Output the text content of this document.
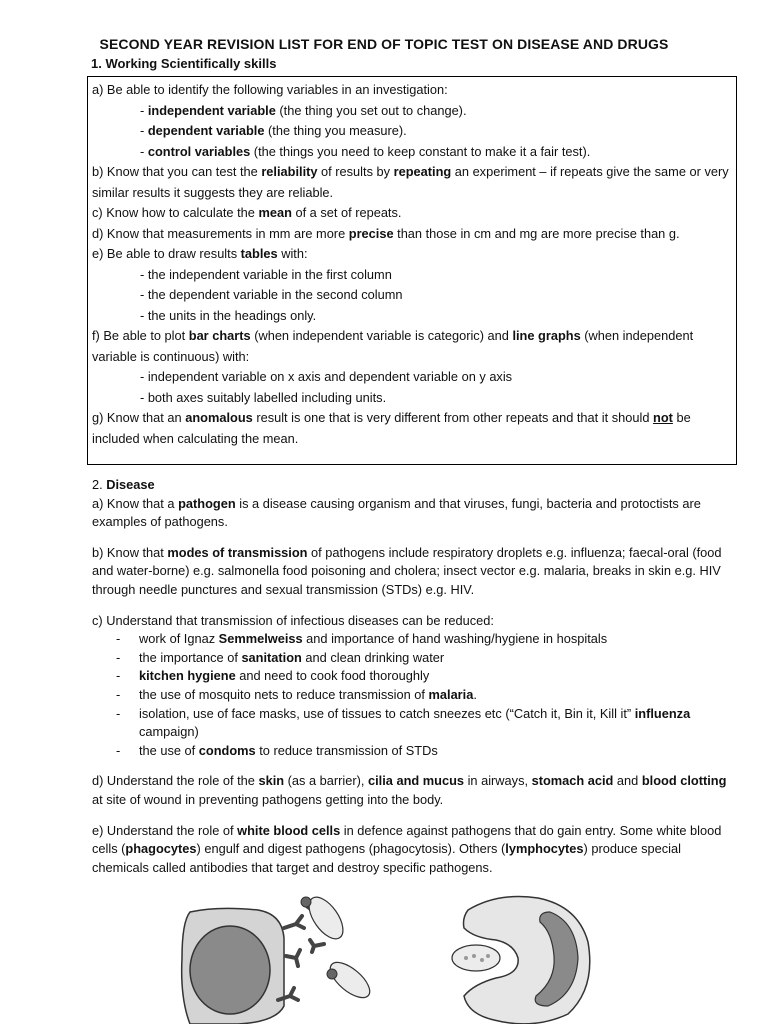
SECOND YEAR REVISION LIST FOR END OF TOPIC TEST ON DISEASE AND DRUGS
1. Working Scientifically skills

a) Be able to identify the following variables in an investigation:

- independent variable (the thing you set out to change).

- dependent variable (the thing you measure).

- control variables (the things you need to keep constant to make it a fair test).

b) Know that you can test the reliability of results by repeating an experiment – if repeats give the same or very similar results it suggests they are reliable.

c) Know how to calculate the mean of a set of repeats.

d) Know that measurements in mm are more precise than those in cm and mg are more precise than g.

e) Be able to draw results tables with:

- the independent variable in the first column

- the dependent variable in the second column

- the units in the headings only.

f) Be able to plot bar charts (when independent variable is categoric) and line graphs (when independent variable is continuous) with:

- independent variable on x axis and dependent variable on y axis

- both axes suitably labelled including units.

g) Know that an anomalous result is one that is very different from other repeats and that it should not be included when calculating the mean.

2. Disease

a) Know that a pathogen is a disease causing organism and that viruses, fungi, bacteria and protoctists are examples of pathogens.

b) Know that modes of transmission of pathogens include respiratory droplets e.g. influenza; faecal-oral (food and water-borne) e.g. salmonella food poisoning and cholera; insect vector e.g. malaria, breaks in skin e.g. HIV through needle punctures and sexual transmission (STDs) e.g. HIV.

c) Understand that transmission of infectious diseases can be reduced:

- work of Ignaz Semmelweiss and importance of hand washing/hygiene in hospitals
- the importance of sanitation and clean drinking water
- kitchen hygiene and need to cook food thoroughly
- the use of mosquito nets to reduce transmission of malaria.
- isolation, use of face masks, use of tissues to catch sneezes etc (“Catch it, Bin it, Kill it” influenza campaign)
- the use of condoms to reduce transmission of STDs

d) Understand the role of the skin (as a barrier), cilia and mucus in airways, stomach acid and blood clotting at site of wound in preventing pathogens getting into the body.

e) Understand the role of white blood cells in defence against pathogens that do gain entry. Some white blood cells (phagocytes) engulf and digest pathogens (phagocytosis). Others (lymphocytes) produce special chemicals called antibodies that target and destroy specific pathogens.
